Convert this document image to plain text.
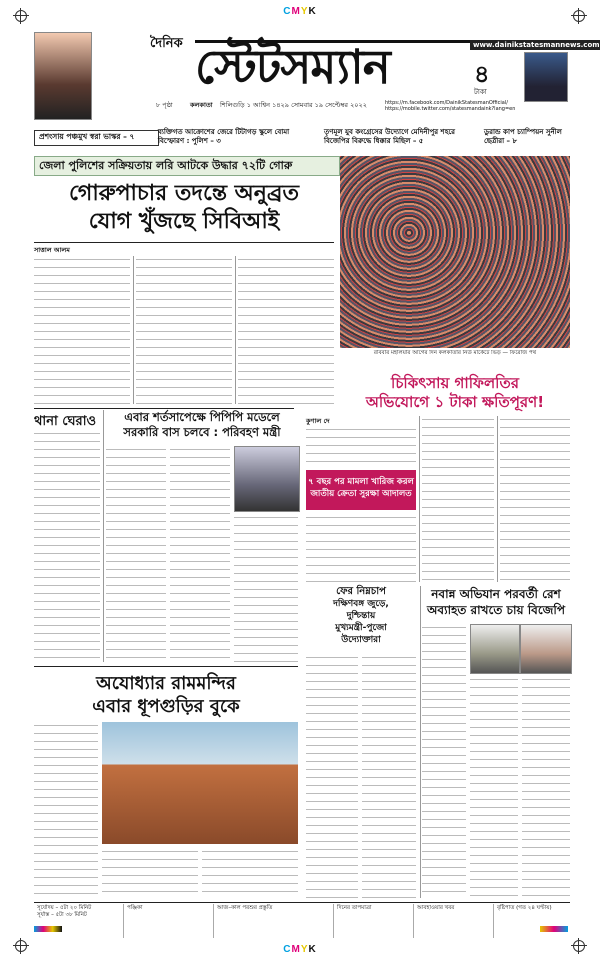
CMYK
দৈনিক স্টেটসম্যান	www.dainikstatesmannews.com
৪
টাকা
৮ পৃষ্ঠা	কলকাতা শিলিগুড়ি ১ আশ্বিন ১৪২৯ সোমবার ১৯ সেপ্টেম্বর ২০২২	https://m.facebook.com/DainikStatesmanOfficial/
https://mobile.twitter.com/statesmandaink?lang=en
প্রশংসায় পঞ্চমুখ স্বরা ভাস্কর – ৭	ব্যক্তিগত আক্রোশের জেরে টিটাগড় স্কুলে বোমা বিস্ফোরণ : পুলিশ – ৩
তৃণমূল যুব কংগ্রেসের উদ্যোগে মেদিনীপুর শহরে বিজেপির বিরুদ্ধে ধিক্কার মিছিল – ৫
ডুরান্ড কাপ চ্যাম্পিয়ন সুনীল ছেত্রীরা – ৮
জেলা পুলিশের সক্রিয়তায় লরি আটকে উদ্ধার ৭২টি গোরু
গোরুপাচার তদন্তে অনুব্রত
যোগ খুঁজছে সিবিআই
সাত্তাল আলম
রবিবার মহালয়ার আগের দিন কলকাতার নিউ মার্কেটে ভিড় — ফিরোজ পথ
চিকিৎসায় গাফিলতির
অভিযোগে ১ টাকা ক্ষতিপূরণ!
কুণাল দে
৭ বছর পর মামলা খারিজ করল
জাতীয় ক্রেতা সুরক্ষা আদালত
থানা ঘেরাও	এবার শর্তসাপেক্ষে পিপিপি মডেলে
সরকারি বাস চলবে : পরিবহণ মন্ত্রী
ফের নিম্নচাপ
দক্ষিণবঙ্গ জুড়ে,
দুশ্চিন্তায়
মুখ্যমন্ত্রী-পুজো
উদ্যোক্তারা
নবান্ন অভিযান পরবর্তী রেশ
অব্যাহত রাখতে চায় বিজেপি
অযোধ্যার রামমন্দির
এবার ধূপগুড়ির বুকে
সূর্যোদয় – ৫টা ২০ মিনিট
সূর্যাস্ত – ৫টা ৩৮ মিনিট
পঞ্জিকা	আজ–কাল পরশুর প্রস্তুতি	দিনের তাপমাত্রা	আবহাওয়ার খবর	বৃষ্টিপাত (গত ২৪ ঘণ্টায়)
CMYK
